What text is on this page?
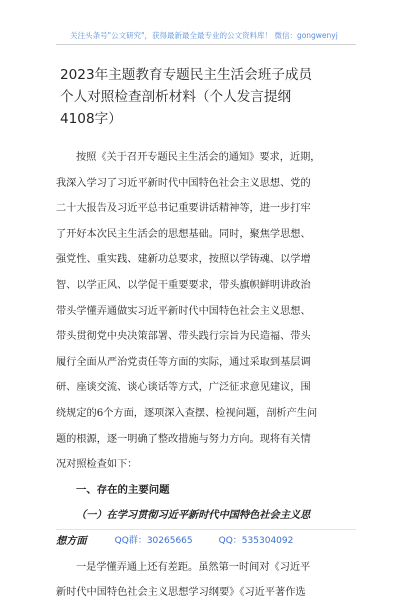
关注头条号"公文研究"，获得最新最全最专业的公文资料库！ 微信：gongwenyj
2023年主题教育专题民主生活会班子成员
个人对照检查剖析材料（个人发言提纲
4108字）
按照《关于召开专题民主生活会的通知》要求，近期，
我深入学习了习近平新时代中国特色社会主义思想、党的
二十大报告及习近平总书记重要讲话精神等，进一步打牢
了开好本次民主生活会的思想基础。同时，聚焦学思想、
强党性、重实践、建新功总要求，按照以学铸魂、以学增
智、以学正风、以学促干重要要求，带头旗帜鲜明讲政治
带头学懂弄通做实习近平新时代中国特色社会主义思想、
带头贯彻党中央决策部署、带头践行宗旨为民造福、带头
履行全面从严治党责任等方面的实际，通过采取到基层调
研、座谈交流、谈心谈话等方式，广泛征求意见建议，围
绕规定的6个方面，逐项深入查摆、检视问题，剖析产生问
题的根源，逐一明确了整改措施与努力方向。现将有关情
况对照检查如下：
一、存在的主要问题
（一）在学习贯彻习近平新时代中国特色社会主义思
想方面
一是学懂弄通上还有差距。虽然第一时间对《习近平
新时代中国特色社会主义思想学习纲要》《习近平著作选
QQ群：30265665	QQ：535304092
